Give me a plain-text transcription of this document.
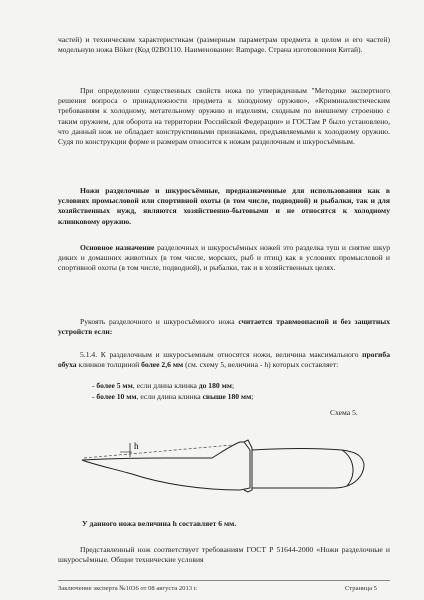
частей) и техническим характеристикам (размерным параметрам предмета в целом и его частей) модельную ножа Böker (Код 02BO110. Наименование: Rampage. Страна изготовления Китай).

При определении существенных свойств ножа по утвержденным "Методике экспертного решения вопроса о принадлежности предмета к холодному оружию», «Криминалистическим требованиям к холодному, метательному оружию и изделиям, сходным по внешнему строению с таким оружием, для оборота на территории Российской Федерации» и ГОСТам Р было установлено, что данный нож не обладает конструктивными признаками, предъявляемыми к холодному оружию. Судя по конструкции форме и размерам относится к ножам разделочным и шкуросъёмным.

Ножи разделочные и шкуросъёмные, предназначенные для использования как в условиях промысловой или спортивной охоты (в том числе, подводной) и рыбалки, так и для хозяйственных нужд, являются хозяйственно-бытовыми и не относятся к холодному клинковому оружию.

Основное назначение разделочных и шкуросъёмных ножей это разделка туш и снятие шкур диких и домашних животных (в том числе, морских, рыб и птиц) как в условиях промысловой и спортивной охоты (в том числе, подводной), и рыбалки, так и в хозяйственных целях.

Рукоять разделочного и шкуросъёмного ножа считается травмоопасной и без защитных устройств если:

5.1.4. К разделочным и шкуросъемным относятся ножи, величина максимального прогиба обуха клинков толщиной более 2,6 мм (см. схему 5, величина - h) которых составляет:

- более 5 мм, если длина клинка до 180 мм;
- более 10 мм, если длина клинка свыше 180 мм;
Схема 5.
h
У данного ножа величина h составляет 6 мм.

Представленный нож соответствует требованиям ГОСТ Р 51644-2000 «Ножи разделочные и шкуросъёмные. Общие технические условия

Заключение эксперта №1036 от 08 августа 2013 г.	Страница 5
